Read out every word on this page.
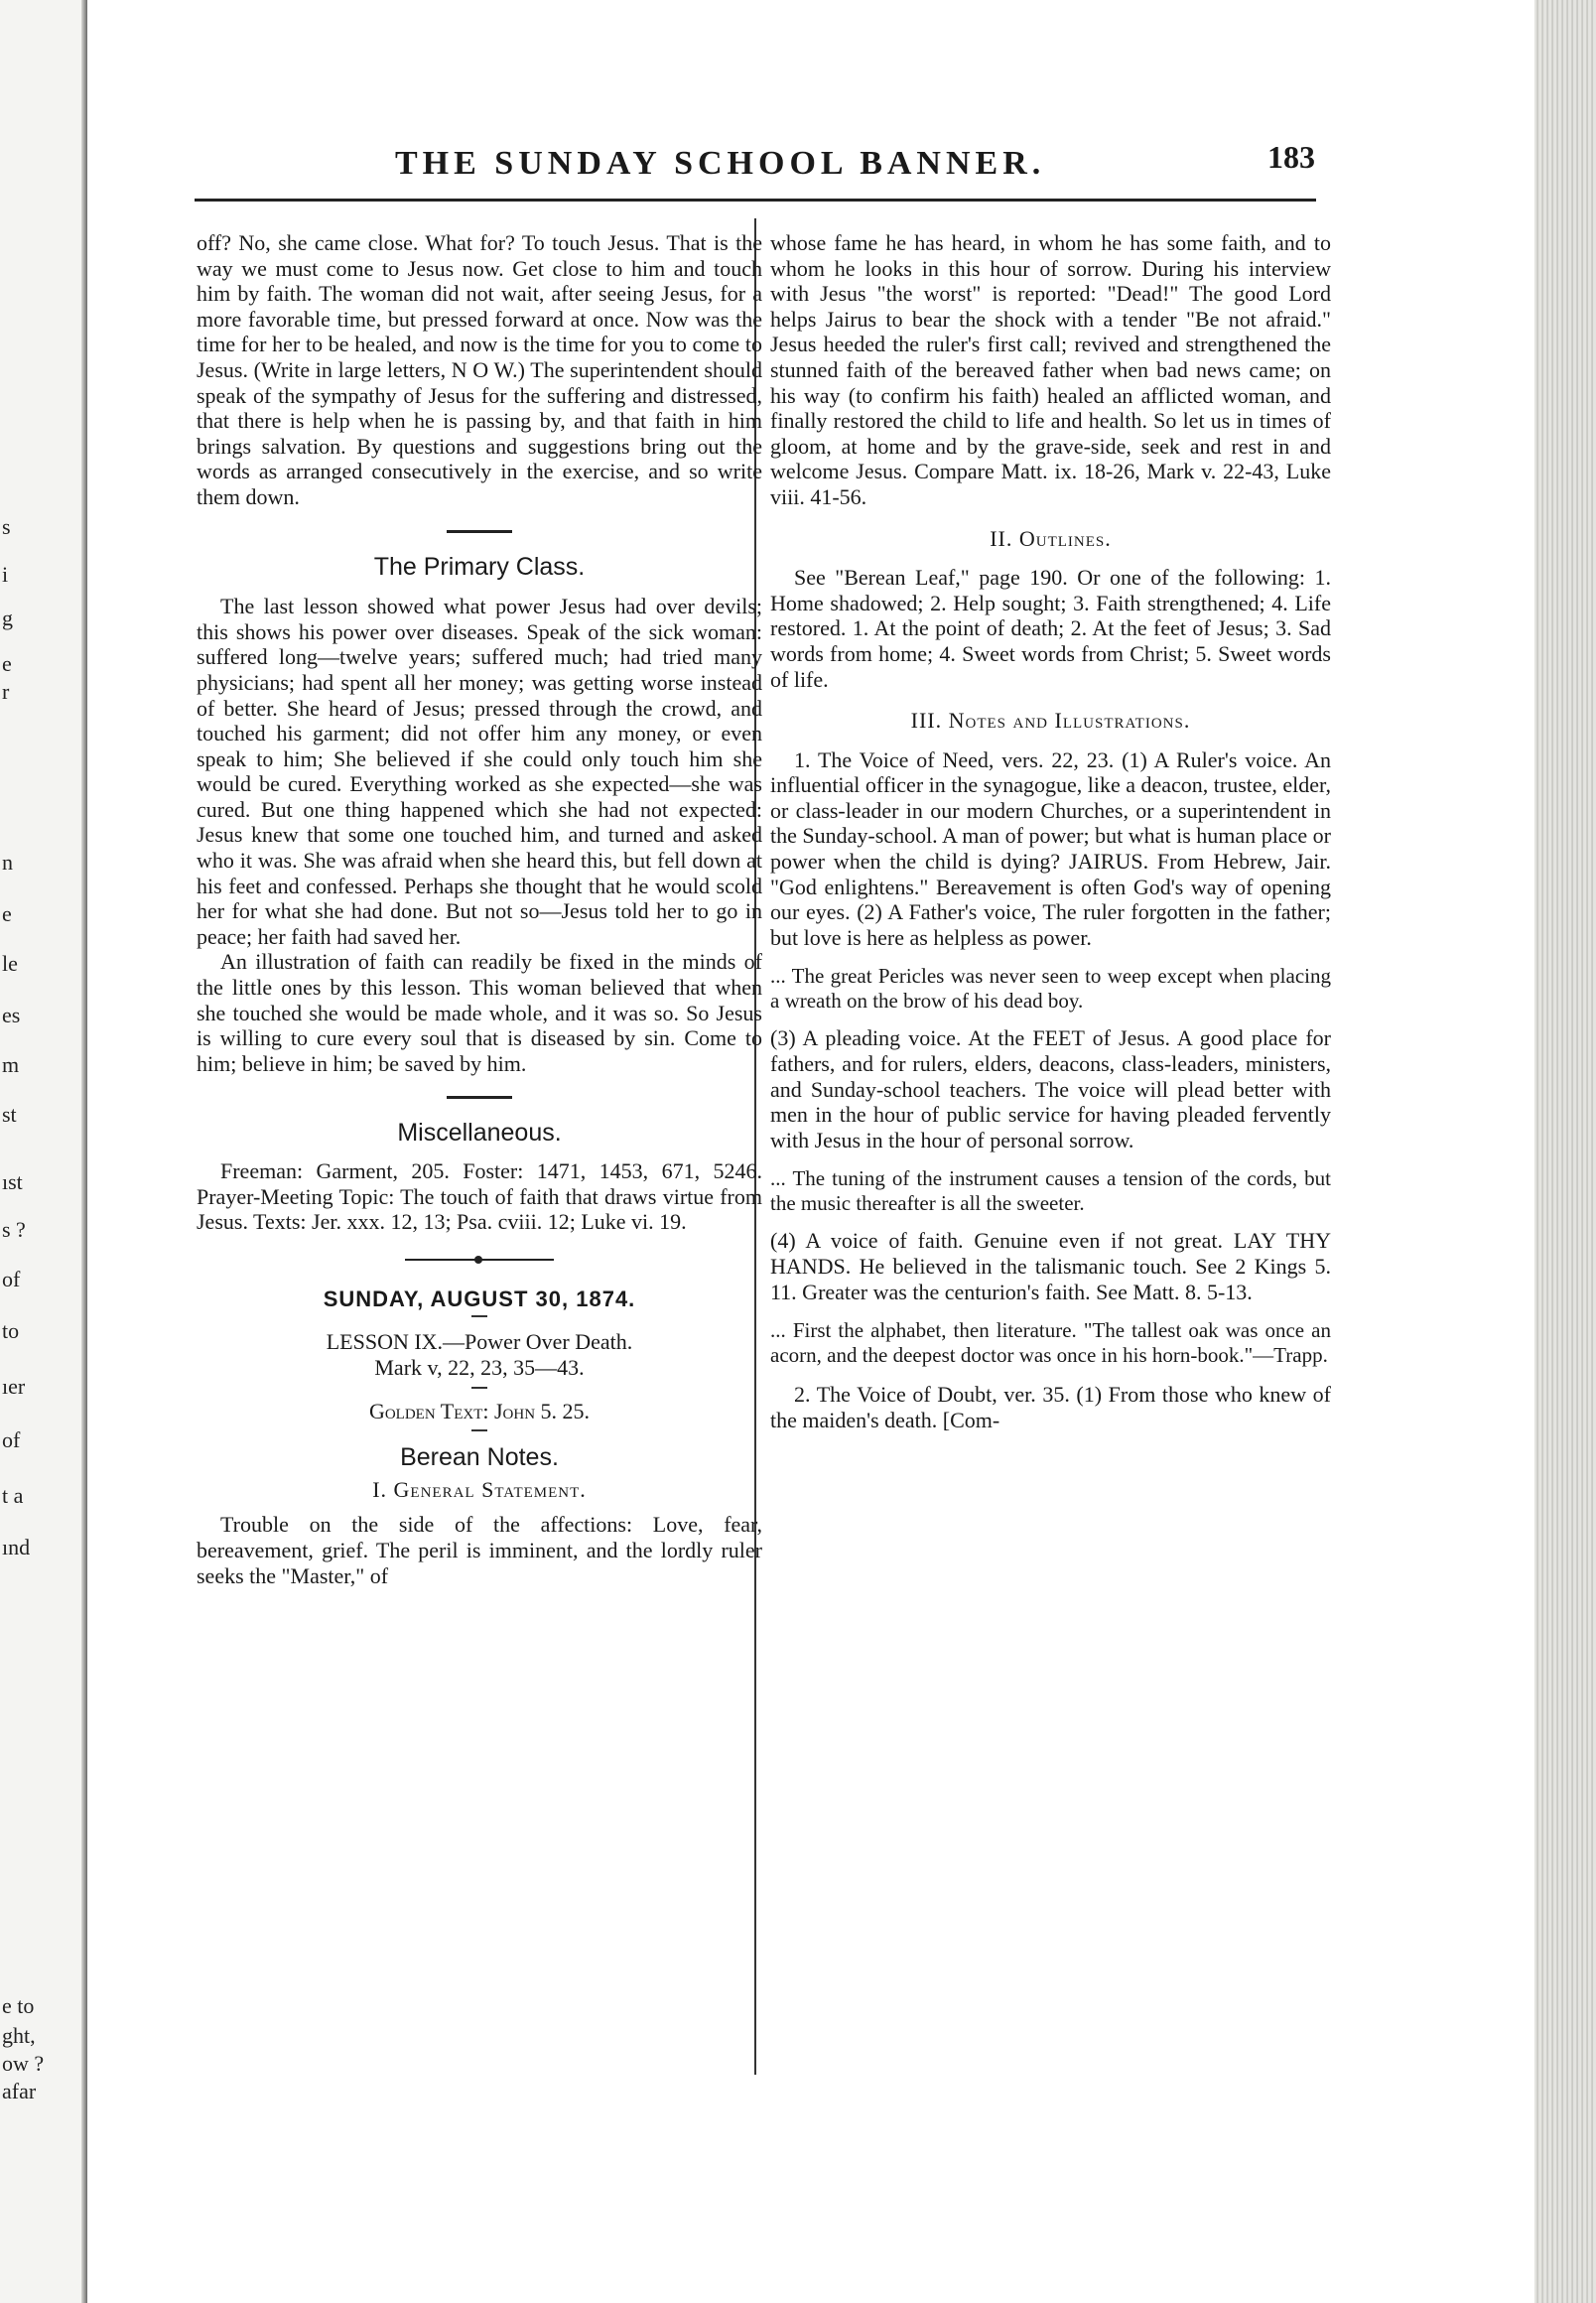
s
i
g
e
r
n
e
le
es
m
st
ıst
s ?
of
to
ıer
of
t a
ınd
e to
ght,
ow ?
afar
THE SUNDAY SCHOOL BANNER.	183

off? No, she came close. What for? To touch Jesus. That is the way we must come to Jesus now. Get close to him and touch him by faith. The woman did not wait, after seeing Jesus, for a more favorable time, but pressed forward at once. Now was the time for her to be healed, and now is the time for you to come to Jesus. (Write in large letters, N O W.) The superintendent should speak of the sympathy of Jesus for the suffering and distressed, that there is help when he is passing by, and that faith in him brings salvation. By questions and suggestions bring out the words as arranged consecutively in the exercise, and so write them down.

The Primary Class.

The last lesson showed what power Jesus had over devils; this shows his power over diseases. Speak of the sick woman: suffered long—twelve years; suffered much; had tried many physicians; had spent all her money; was getting worse instead of better. She heard of Jesus; pressed through the crowd, and touched his garment; did not offer him any money, or even speak to him; She believed if she could only touch him she would be cured. Everything worked as she expected—she was cured. But one thing happened which she had not expected: Jesus knew that some one touched him, and turned and asked who it was. She was afraid when she heard this, but fell down at his feet and confessed. Perhaps she thought that he would scold her for what she had done. But not so—Jesus told her to go in peace; her faith had saved her.

An illustration of faith can readily be fixed in the minds of the little ones by this lesson. This woman believed that when she touched she would be made whole, and it was so. So Jesus is willing to cure every soul that is diseased by sin. Come to him; believe in him; be saved by him.

Miscellaneous.

Freeman: Garment, 205. Foster: 1471, 1453, 671, 5246. Prayer-Meeting Topic: The touch of faith that draws virtue from Jesus. Texts: Jer. xxx. 12, 13; Psa. cviii. 12; Luke vi. 19.

SUNDAY, AUGUST 30, 1874.

LESSON IX.—Power Over Death.

Mark v, 22, 23, 35—43.

Golden Text: John 5. 25.

Berean Notes.

I. General Statement.

Trouble on the side of the affections: Love, fear, bereavement, grief. The peril is imminent, and the lordly ruler seeks the "Master," of

whose fame he has heard, in whom he has some faith, and to whom he looks in this hour of sorrow. During his interview with Jesus "the worst" is reported: "Dead!" The good Lord helps Jairus to bear the shock with a tender "Be not afraid." Jesus heeded the ruler's first call; revived and strengthened the stunned faith of the bereaved father when bad news came; on his way (to confirm his faith) healed an afflicted woman, and finally restored the child to life and health. So let us in times of gloom, at home and by the grave-side, seek and rest in and welcome Jesus. Compare Matt. ix. 18-26, Mark v. 22-43, Luke viii. 41-56.

II. Outlines.

See "Berean Leaf," page 190. Or one of the following: 1. Home shadowed; 2. Help sought; 3. Faith strengthened; 4. Life restored. 1. At the point of death; 2. At the feet of Jesus; 3. Sad words from home; 4. Sweet words from Christ; 5. Sweet words of life.

III. Notes and Illustrations.

1. The Voice of Need, vers. 22, 23. (1) A Ruler's voice. An influential officer in the synagogue, like a deacon, trustee, elder, or class-leader in our modern Churches, or a superintendent in the Sunday-school. A man of power; but what is human place or power when the child is dying? JAIRUS. From Hebrew, Jair. "God enlightens." Bereavement is often God's way of opening our eyes. (2) A Father's voice, The ruler forgotten in the father; but love is here as helpless as power.

... The great Pericles was never seen to weep except when placing a wreath on the brow of his dead boy.

(3) A pleading voice. At the FEET of Jesus. A good place for fathers, and for rulers, elders, deacons, class-leaders, ministers, and Sunday-school teachers. The voice will plead better with men in the hour of public service for having pleaded fervently with Jesus in the hour of personal sorrow.

... The tuning of the instrument causes a tension of the cords, but the music thereafter is all the sweeter.

(4) A voice of faith. Genuine even if not great. LAY THY HANDS. He believed in the talismanic touch. See 2 Kings 5. 11. Greater was the centurion's faith. See Matt. 8. 5-13.

... First the alphabet, then literature. "The tallest oak was once an acorn, and the deepest doctor was once in his horn-book."—Trapp.

2. The Voice of Doubt, ver. 35. (1) From those who knew of the maiden's death. [Com-
